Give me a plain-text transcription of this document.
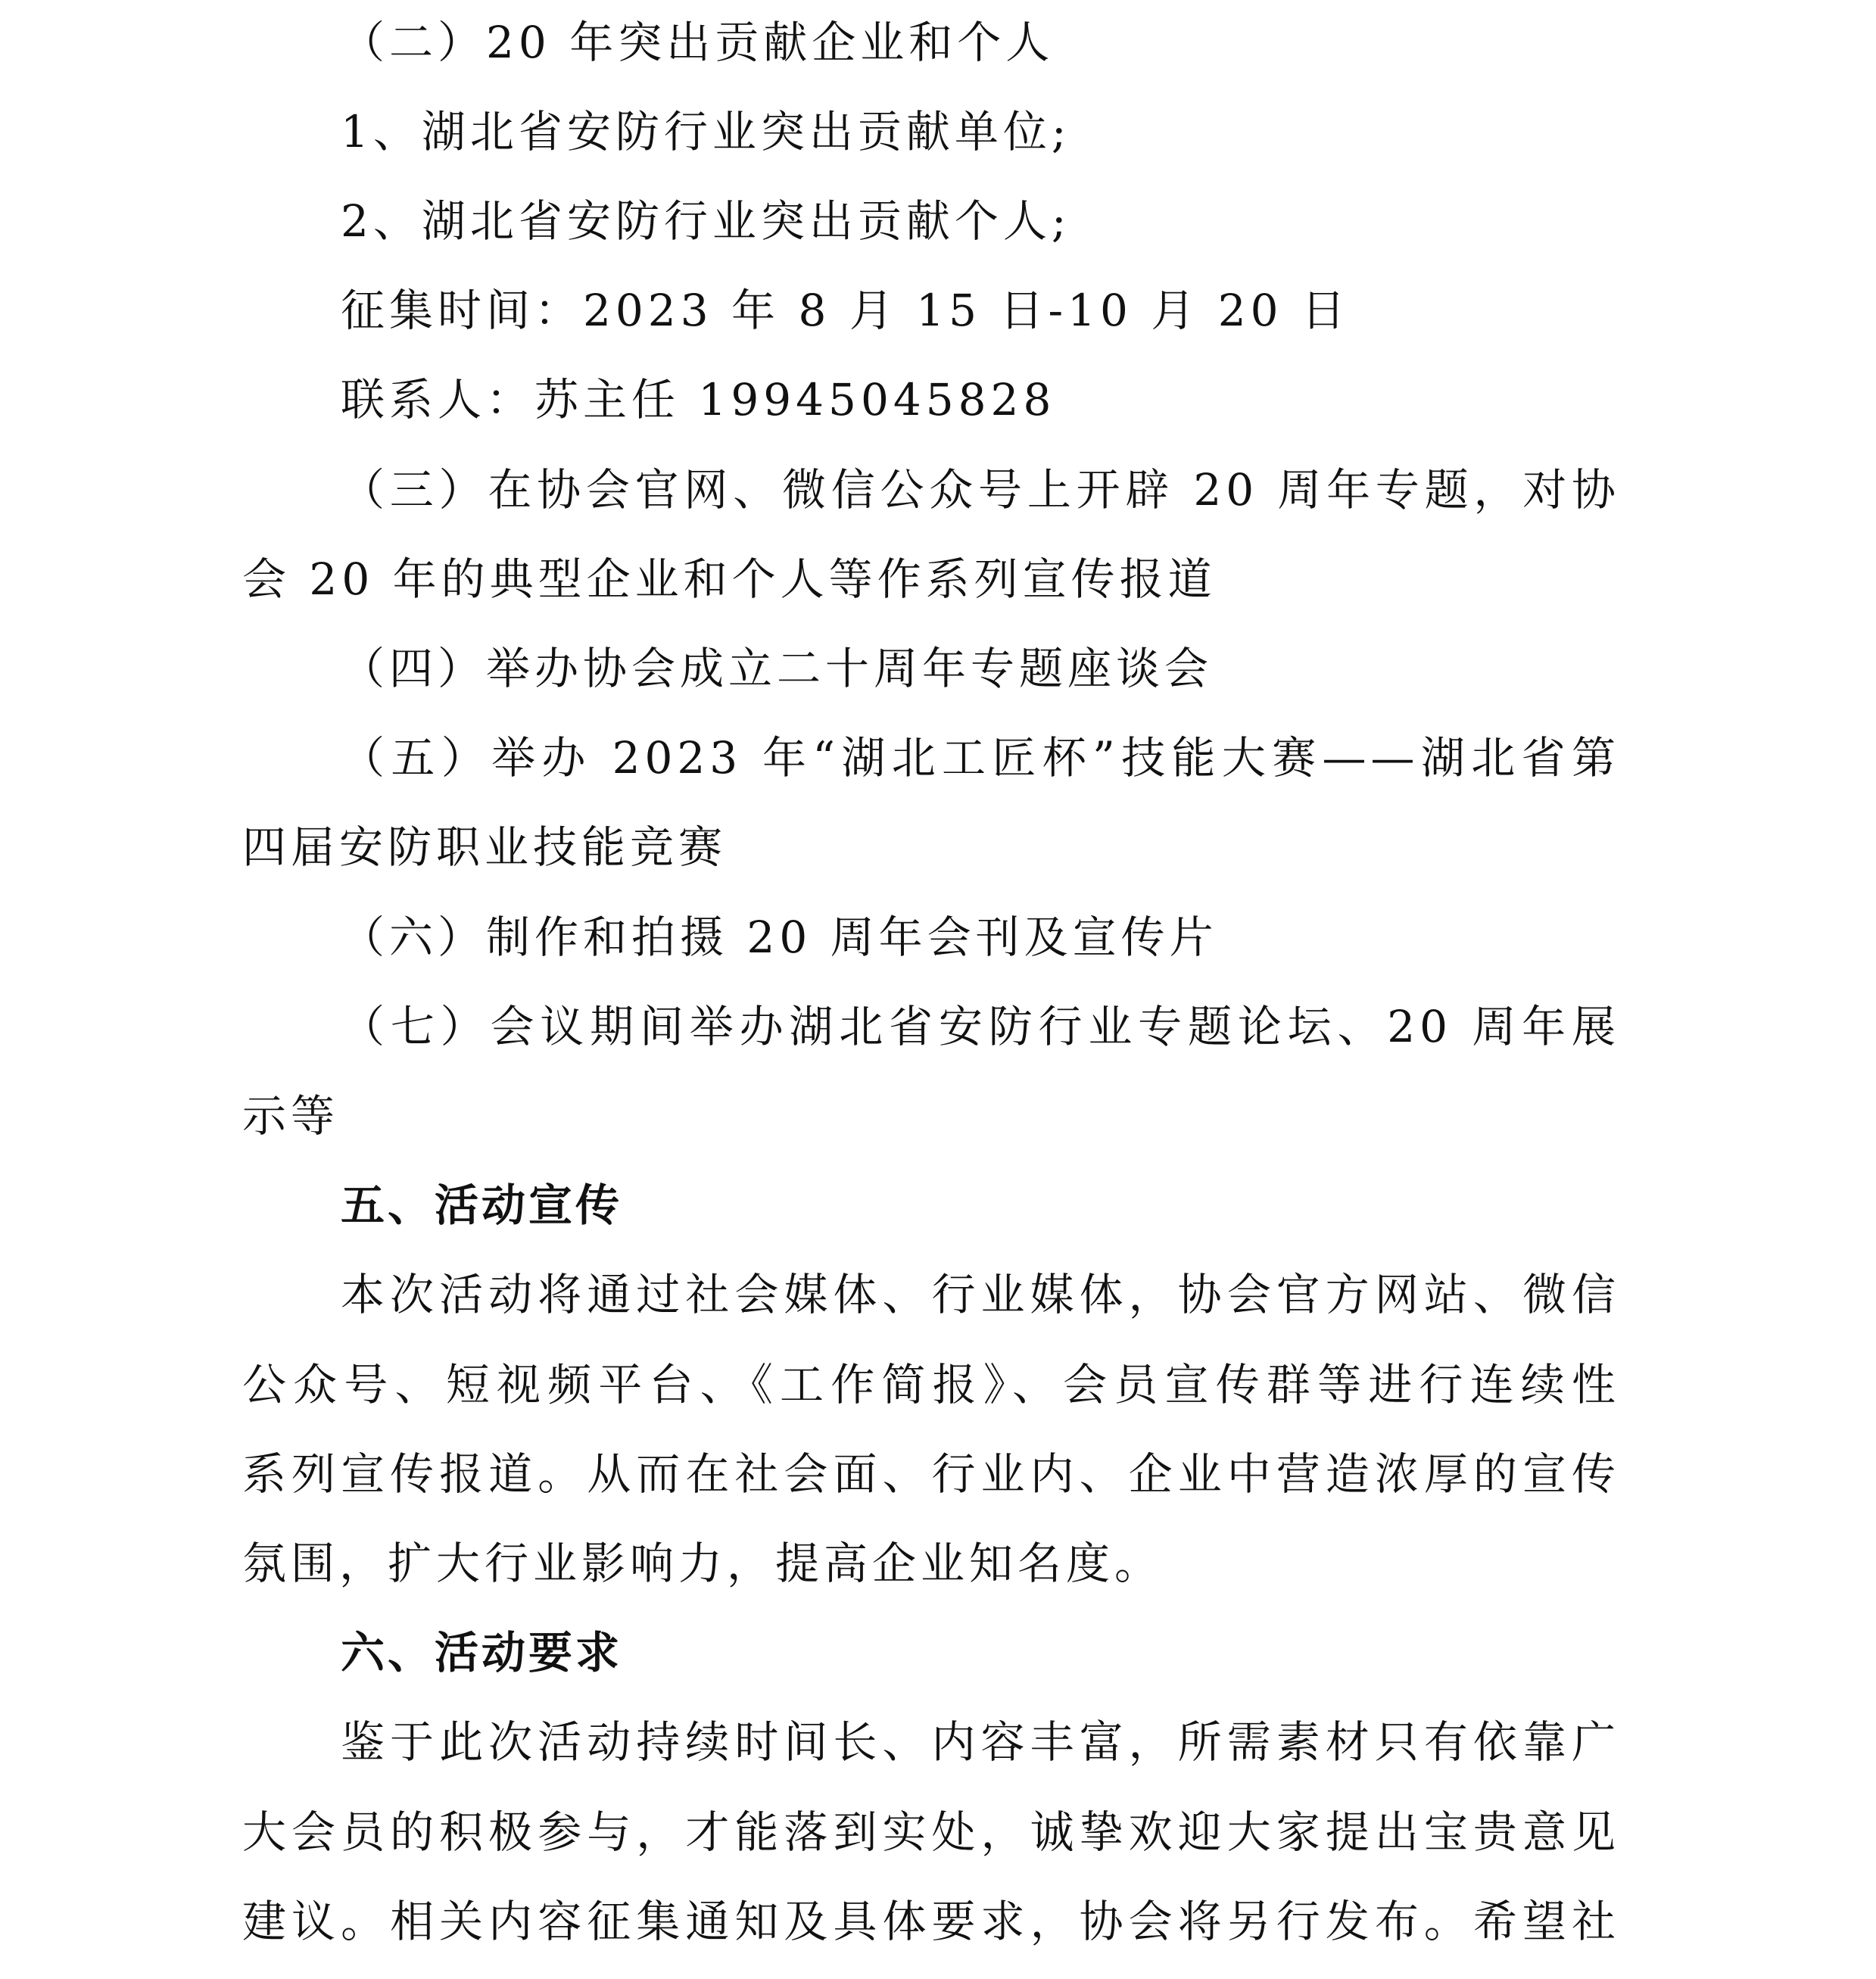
（二）20 年突出贡献企业和个人
1、湖北省安防行业突出贡献单位;
2、湖北省安防行业突出贡献个人;
征集时间：2023 年 8 月 15 日-10 月 20 日
联系人：苏主任 19945045828
（三）在协会官网、微信公众号上开辟 20 周年专题，对协
会 20 年的典型企业和个人等作系列宣传报道
（四）举办协会成立二十周年专题座谈会
（五）举办 2023 年“湖北工匠杯”技能大赛——湖北省第
四届安防职业技能竞赛
（六）制作和拍摄 20 周年会刊及宣传片
（七）会议期间举办湖北省安防行业专题论坛、20 周年展
示等
五、活动宣传
本次活动将通过社会媒体、行业媒体，协会官方网站、微信
公众号、短视频平台、《工作简报》、会员宣传群等进行连续性
系列宣传报道。从而在社会面、行业内、企业中营造浓厚的宣传
氛围，扩大行业影响力，提高企业知名度。
六、活动要求
鉴于此次活动持续时间长、内容丰富，所需素材只有依靠广
大会员的积极参与，才能落到实处，诚挚欢迎大家提出宝贵意见
建议。相关内容征集通知及具体要求，协会将另行发布。希望社
